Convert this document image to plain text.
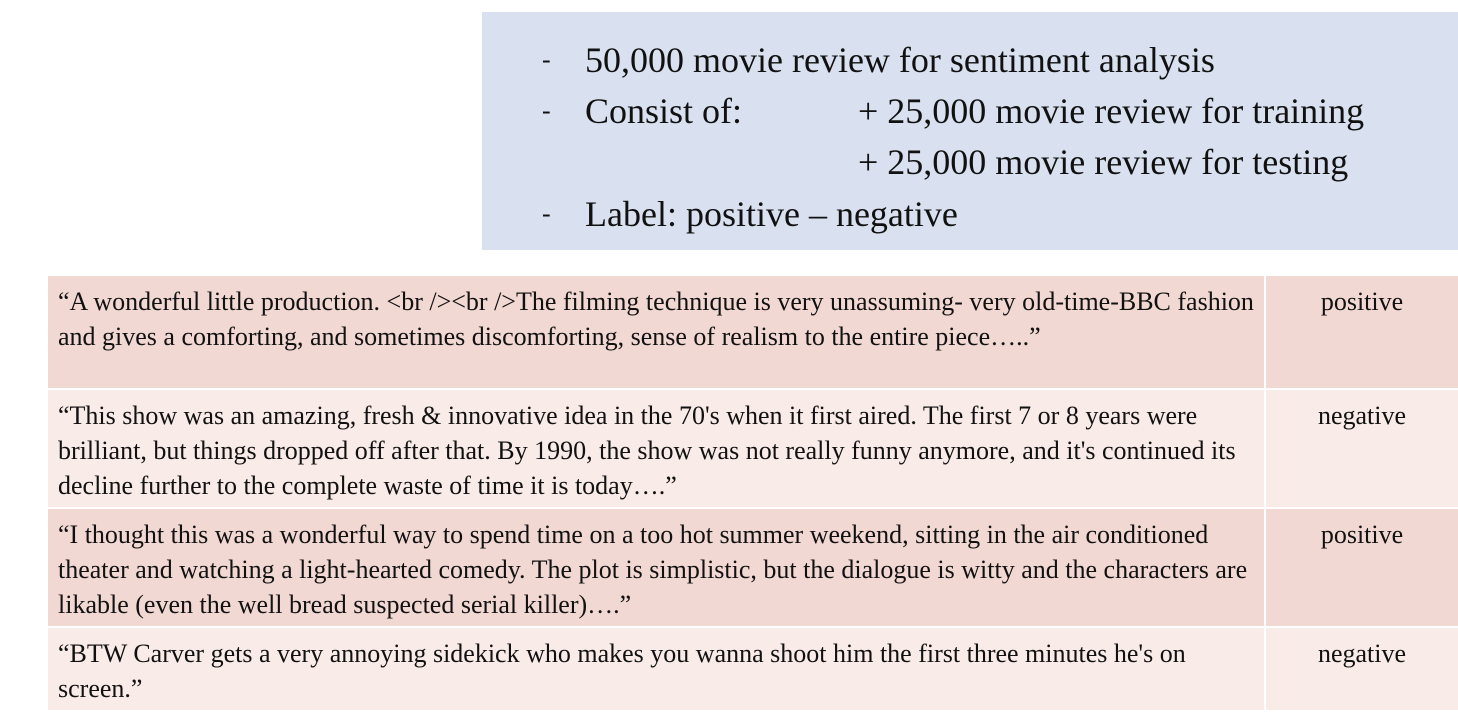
- 50,000 movie review for sentiment analysis
- Consist of:	+ 25,000 movie review for training
+ 25,000 movie review for testing
- Label: positive – negative
“A wonderful little production. <br /><br />The filming technique is very unassuming- very old-time-BBC fashion and gives a comforting, and sometimes discomforting, sense of realism to the entire piece…..”	positive
“This show was an amazing, fresh & innovative idea in the 70's when it first aired. The first 7 or 8 years were brilliant, but things dropped off after that. By 1990, the show was not really funny anymore, and it's continued its decline further to the complete waste of time it is today….”	negative
“I thought this was a wonderful way to spend time on a too hot summer weekend, sitting in the air conditioned theater and watching a light-hearted comedy. The plot is simplistic, but the dialogue is witty and the characters are likable (even the well bread suspected serial killer)….”	positive
“BTW Carver gets a very annoying sidekick who makes you wanna shoot him the first three minutes he's on screen.”	negative
